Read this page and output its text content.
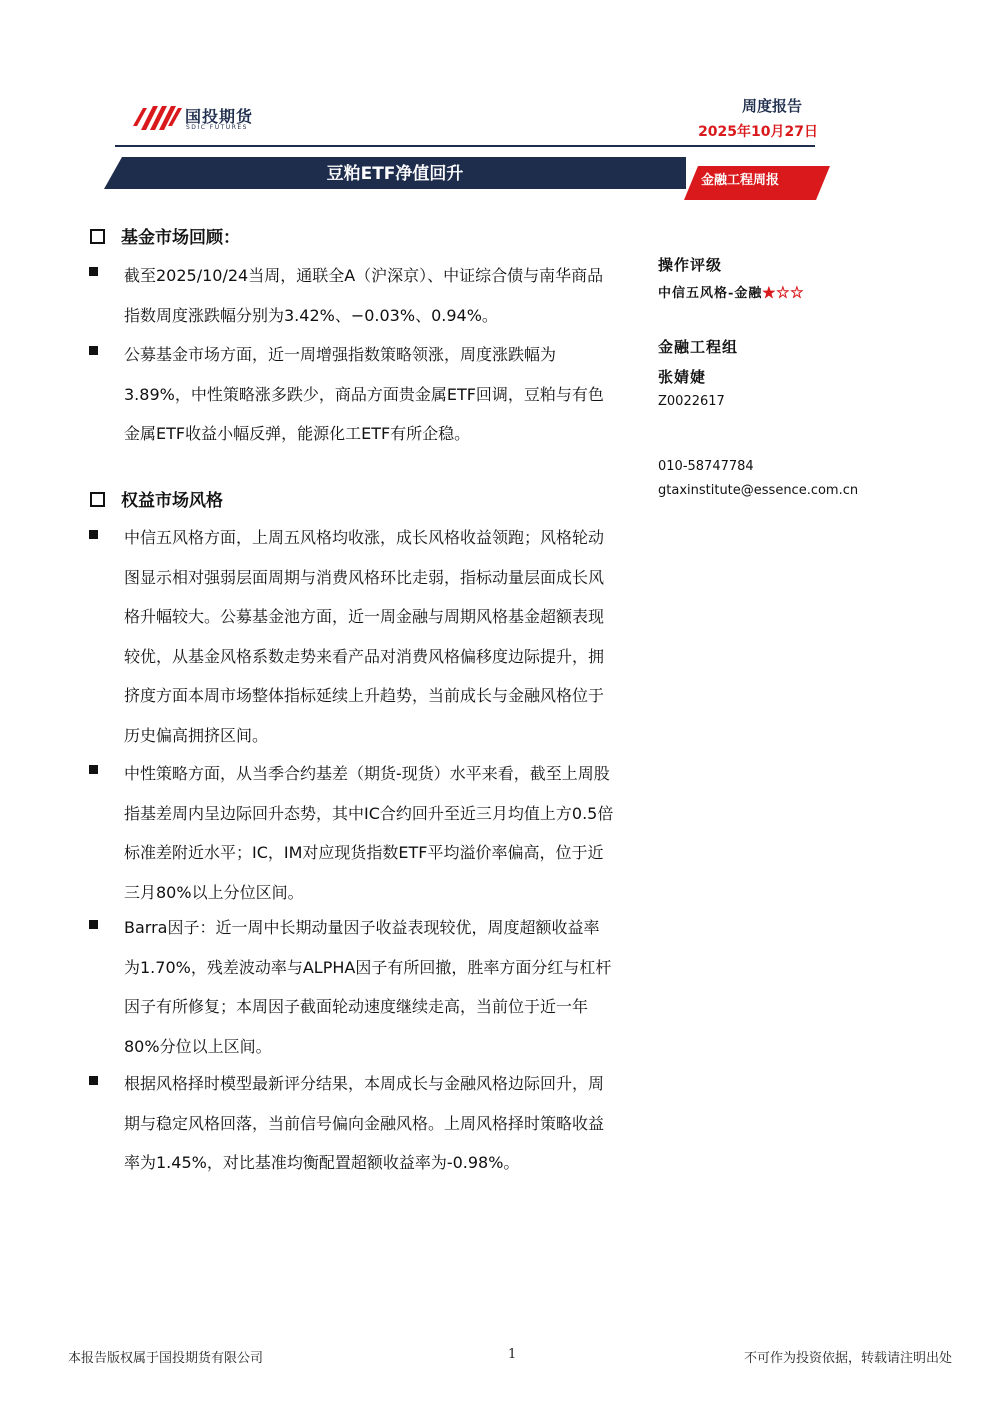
国投期货
SDIC FUTURES
周度报告
2025年10月27日
豆粕ETF净值回升	金融工程周报
基金市场回顾：
截至2025/10/24当周，通联全A（沪深京）、中证综合债与南华商品指数周度涨跌幅分别为3.42%、−0.03%、0.94%。
公募基金市场方面，近一周增强指数策略领涨，周度涨跌幅为3.89%，中性策略涨多跌少，商品方面贵金属ETF回调，豆粕与有色金属ETF收益小幅反弹，能源化工ETF有所企稳。
权益市场风格
中信五风格方面，上周五风格均收涨，成长风格收益领跑；风格轮动图显示相对强弱层面周期与消费风格环比走弱，指标动量层面成长风格升幅较大。公募基金池方面，近一周金融与周期风格基金超额表现较优，从基金风格系数走势来看产品对消费风格偏移度边际提升，拥挤度方面本周市场整体指标延续上升趋势，当前成长与金融风格位于历史偏高拥挤区间。
中性策略方面，从当季合约基差（期货-现货）水平来看，截至上周股指基差周内呈边际回升态势，其中IC合约回升至近三月均值上方0.5倍标准差附近水平；IC，IM对应现货指数ETF平均溢价率偏高，位于近三月80%以上分位区间。
Barra因子：近一周中长期动量因子收益表现较优，周度超额收益率为1.70%，残差波动率与ALPHA因子有所回撤，胜率方面分红与杠杆因子有所修复；本周因子截面轮动速度继续走高，当前位于近一年80%分位以上区间。
根据风格择时模型最新评分结果，本周成长与金融风格边际回升，周期与稳定风格回落，当前信号偏向金融风格。上周风格择时策略收益率为1.45%，对比基准均衡配置超额收益率为-0.98%。
操作评级
中信五风格-金融★☆☆
金融工程组
张婧婕
Z0022617
010-58747784
gtaxinstitute@essence.com.cn
本报告版权属于国投期货有限公司	1	不可作为投资依据，转载请注明出处
